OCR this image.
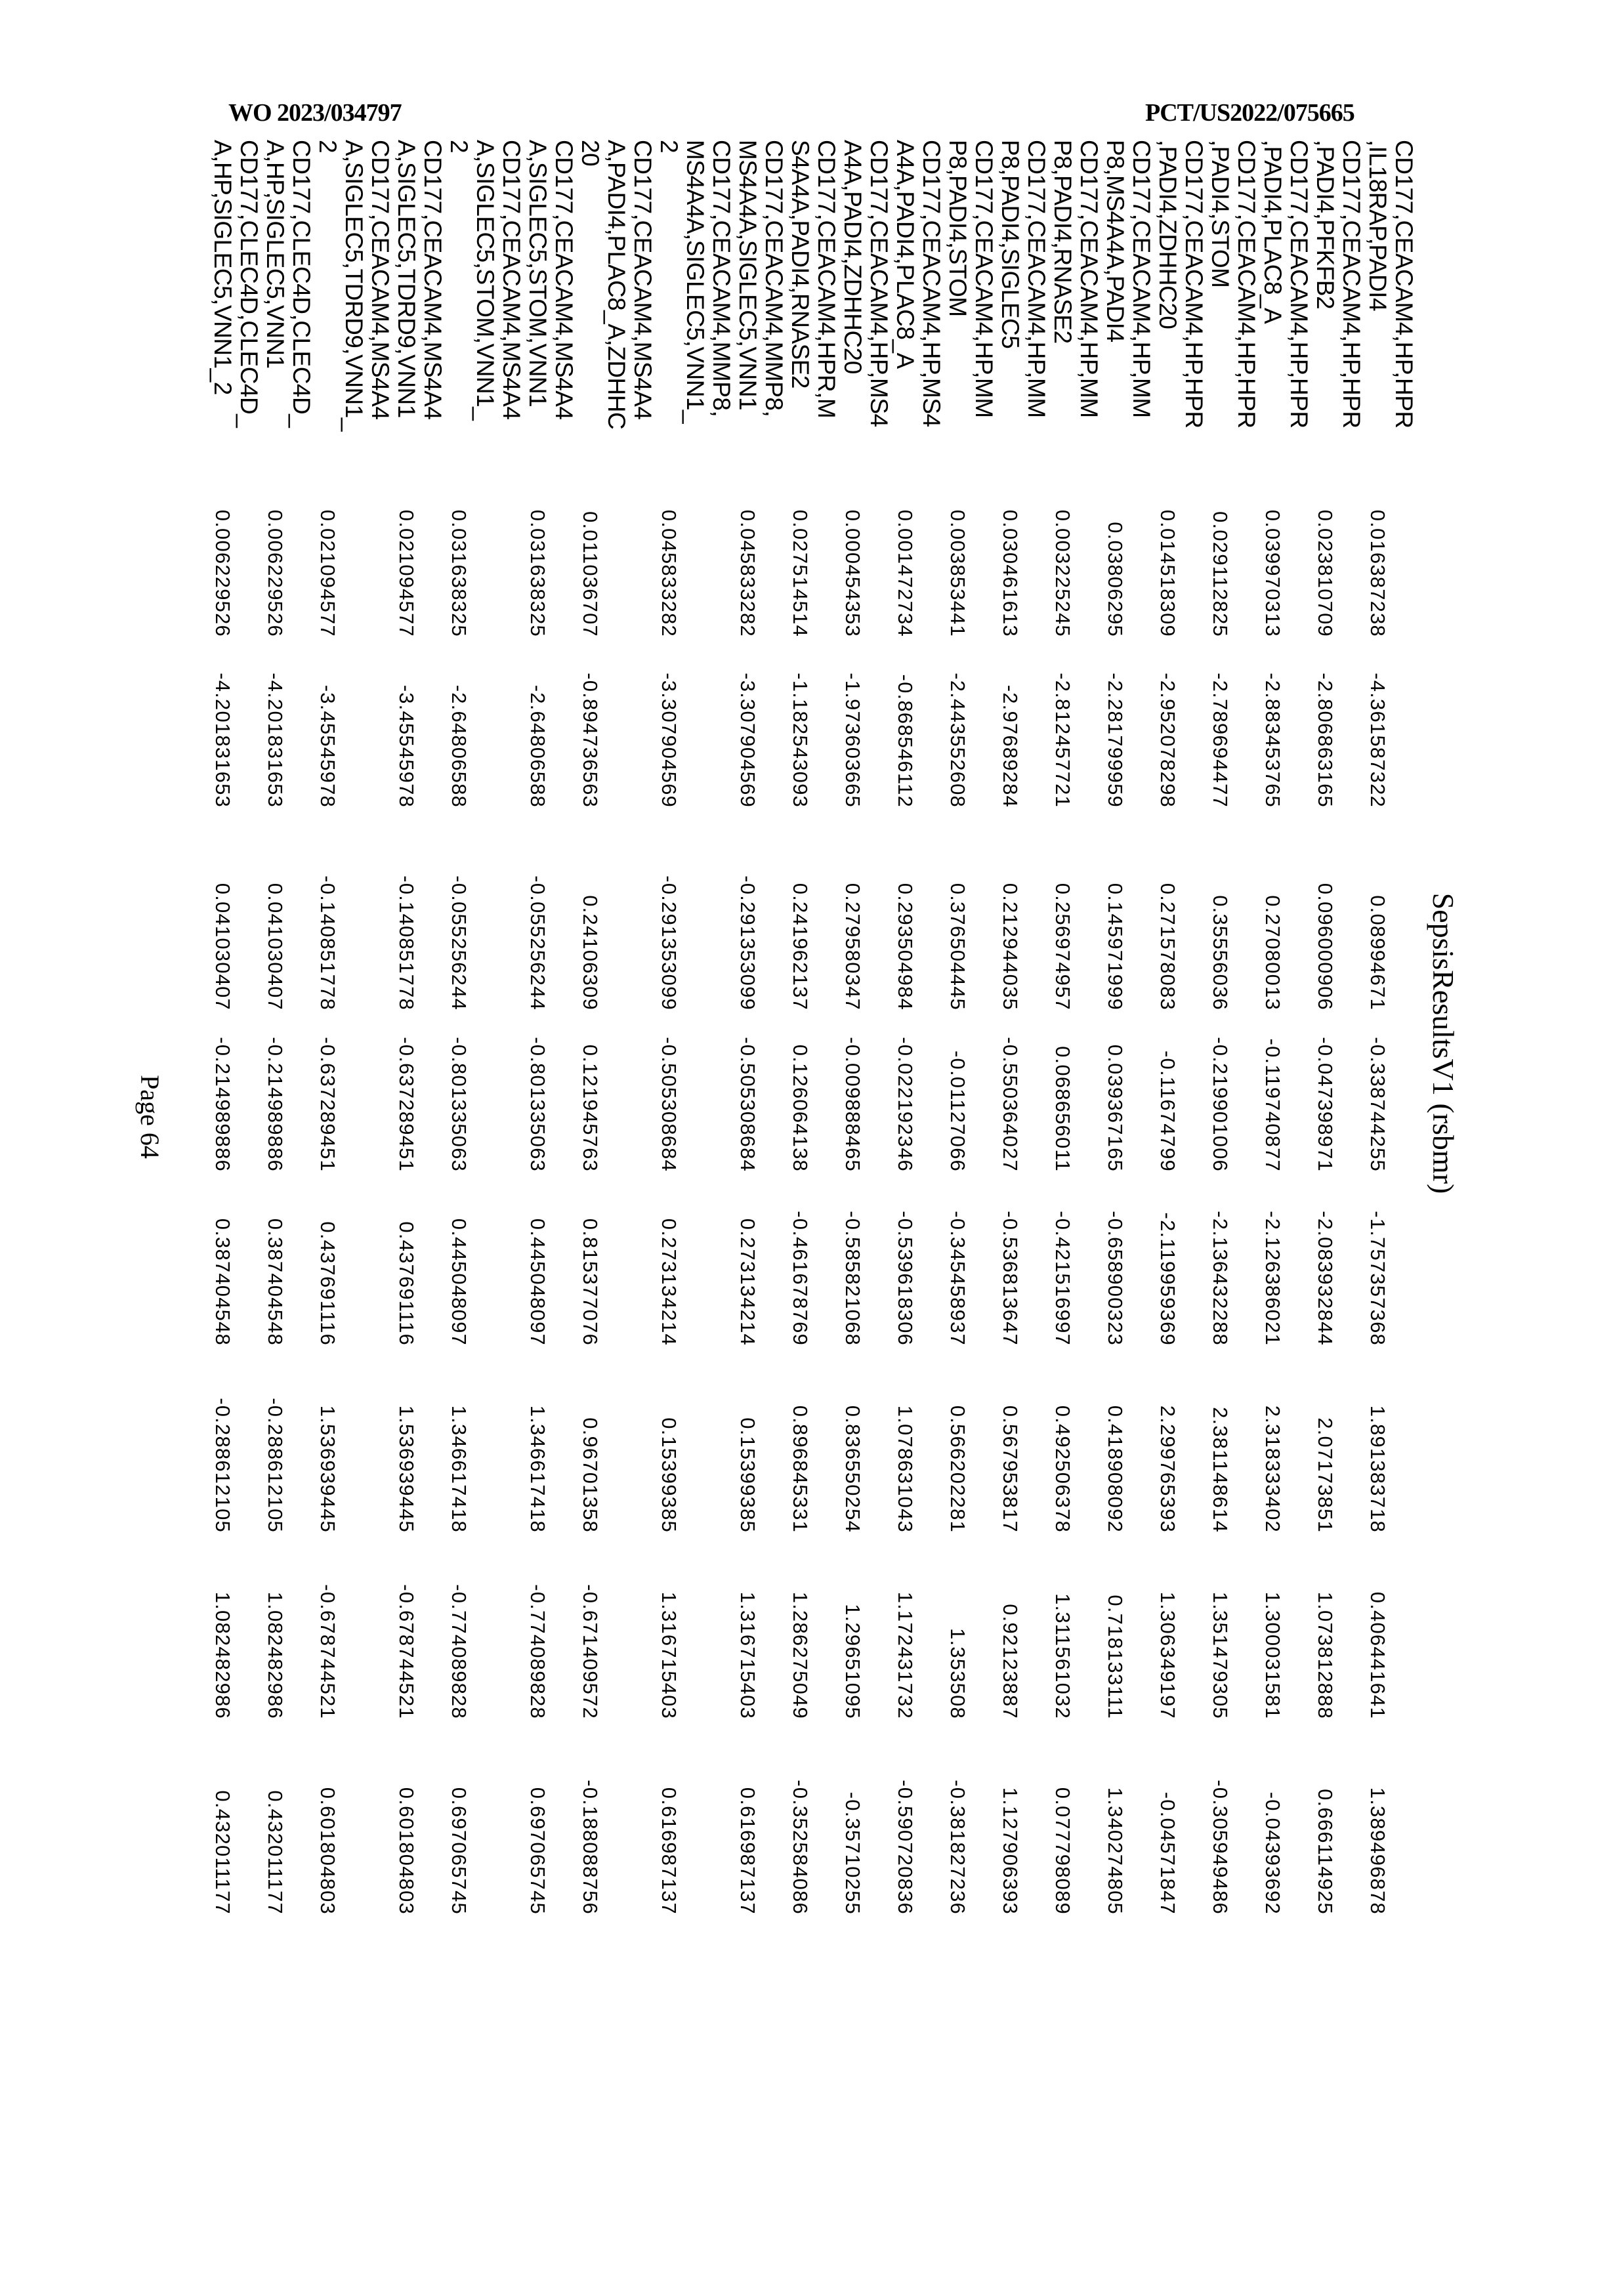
WO 2023/034797	PCT/US2022/075665
SepsisResultsV1 (rsbmr)
CD177,CEACAM4,HP,HPR
,IL18RAP,PADI4
	0.016387238	-4.361587322	0.08994671	-0.338744255	-1.757357368	1.891383718	0.406441641	1.389496878

CD177,CEACAM4,HP,HPR
,PADI4,PFKFB2
	0.023810709	-2.806863165	0.096000906	-0.047398971	-2.083932844	2.07173851	1.073812888	0.666114925

CD177,CEACAM4,HP,HPR
,PADI4,PLAC8_A
	0.039970313	-2.883453765	0.27080013	-0.119740877	-2.126386021	2.318333402	1.300031581	-0.04393692

CD177,CEACAM4,HP,HPR
,PADI4,STOM
	0.029112825	-2.789694477	0.35556036	-0.219901006	-2.136432288	2.381148614	1.351479305	-0.305949486

CD177,CEACAM4,HP,HPR
,PADI4,ZDHHC20
	0.014518309	-2.952078298	0.271578083	-0.11674799	-2.119959369	2.299765393	1.306349197	-0.04571847

CD177,CEACAM4,HP,MM
P8,MS4A4A,PADI4
	0.03806295	-2.281799959	0.145971999	0.039367165	-0.658900323	0.418908092	0.718133111	1.340274805

CD177,CEACAM4,HP,MM
P8,PADI4,RNASE2
	0.003225245	-2.812457721	0.256974957	0.068656011	-0.421516997	0.492506378	1.311561032	0.077798089

CD177,CEACAM4,HP,MM
P8,PADI4,SIGLEC5
	0.030461613	-2.97689284	0.212944035	-0.550364027	-0.536813647	0.567953817	0.92123887	1.127906393

CD177,CEACAM4,HP,MM
P8,PADI4,STOM
	0.003853441	-2.443552608	0.376504445	-0.01127066	-0.345458937	0.566202281	1.353508	-0.381827236

CD177,CEACAM4,HP,MS4
A4A,PADI4,PLAC8_A
	0.001472734	-0.868546112	0.293504984	-0.022192346	-0.539618306	1.078631043	1.172431732	-0.590720836

CD177,CEACAM4,HP,MS4
A4A,PADI4,ZDHHC20
	0.000454353	-1.973603665	0.279580347	-0.009888465	-0.585821068	0.836550254	1.29651095	-0.35710255

CD177,CEACAM4,HPR,M
S4A4A,PADI4,RNASE2
	0.027514514	-1.182543093	0.241962137	0.126064138	-0.461678769	0.896845331	1.286275049	-0.352584086

CD177,CEACAM4,MMP8,
MS4A4A,SIGLEC5,VNN1
	0.045833282	-3.307904569	-0.291353099	-0.505308684	0.273134214	0.15399385	1.316715403	0.616987137

CD177,CEACAM4,MMP8,
MS4A4A,SIGLEC5,VNN1_
2
	0.045833282	-3.307904569	-0.291353099	-0.505308684	0.273134214	0.15399385	1.316715403	0.616987137

CD177,CEACAM4,MS4A4
A,PADI4,PLAC8_A,ZDHHC
20
	0.011036707	-0.894736563	0.24106309	0.121945763	0.815377076	0.96701358	-0.671409572	-0.188088756

CD177,CEACAM4,MS4A4
A,SIGLEC5,STOM,VNN1
	0.031638325	-2.64806588	-0.055256244	-0.801335063	0.445048097	1.346617418	-0.774089828	0.697065745

CD177,CEACAM4,MS4A4
A,SIGLEC5,STOM,VNN1_
2
	0.031638325	-2.64806588	-0.055256244	-0.801335063	0.445048097	1.346617418	-0.774089828	0.697065745

CD177,CEACAM4,MS4A4
A,SIGLEC5,TDRD9,VNN1
	0.021094577	-3.45545978	-0.140851778	-0.637289451	0.437691116	1.536939445	-0.678744521	0.601804803

CD177,CEACAM4,MS4A4
A,SIGLEC5,TDRD9,VNN1_
2
	0.021094577	-3.45545978	-0.140851778	-0.637289451	0.437691116	1.536939445	-0.678744521	0.601804803

CD177,CLEC4D,CLEC4D_
A,HP,SIGLEC5,VNN1
	0.006229526	-4.201831653	0.041030407	-0.214989886	0.387404548	-0.288612105	1.082482986	0.432011177

CD177,CLEC4D,CLEC4D_
A,HP,SIGLEC5,VNN1_2
	0.006229526	-4.201831653	0.041030407	-0.214989886	0.387404548	-0.288612105	1.082482986	0.432011177
Page 64
